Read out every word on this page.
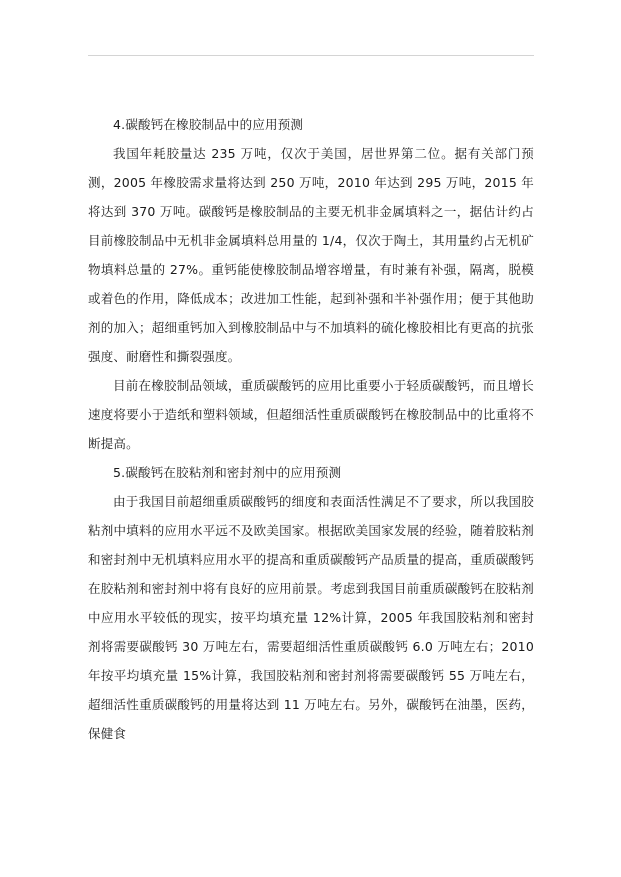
4.碳酸钙在橡胶制品中的应用预测

我国年耗胶量达 235 万吨，仅次于美国，居世界第二位。据有关部门预测，2005 年橡胶需求量将达到 250 万吨，2010 年达到 295 万吨，2015 年将达到 370 万吨。碳酸钙是橡胶制品的主要无机非金属填料之一，据估计约占目前橡胶制品中无机非金属填料总用量的 1/4，仅次于陶土，其用量约占无机矿物填料总量的 27%。重钙能使橡胶制品增容增量，有时兼有补强，隔离，脱模或着色的作用，降低成本；改进加工性能，起到补强和半补强作用；便于其他助剂的加入；超细重钙加入到橡胶制品中与不加填料的硫化橡胶相比有更高的抗张强度、耐磨性和撕裂强度。

目前在橡胶制品领域，重质碳酸钙的应用比重要小于轻质碳酸钙，而且增长速度将要小于造纸和塑料领域，但超细活性重质碳酸钙在橡胶制品中的比重将不断提高。

5.碳酸钙在胶粘剂和密封剂中的应用预测

由于我国目前超细重质碳酸钙的细度和表面活性满足不了要求，所以我国胶粘剂中填料的应用水平远不及欧美国家。根据欧美国家发展的经验，随着胶粘剂和密封剂中无机填料应用水平的提高和重质碳酸钙产品质量的提高，重质碳酸钙在胶粘剂和密封剂中将有良好的应用前景。考虑到我国目前重质碳酸钙在胶粘剂中应用水平较低的现实，按平均填充量 12%计算，2005 年我国胶粘剂和密封剂将需要碳酸钙 30 万吨左右，需要超细活性重质碳酸钙 6.0 万吨左右；2010 年按平均填充量 15%计算，我国胶粘剂和密封剂将需要碳酸钙 55 万吨左右，超细活性重质碳酸钙的用量将达到 11 万吨左右。另外，碳酸钙在油墨，医药，保健食
